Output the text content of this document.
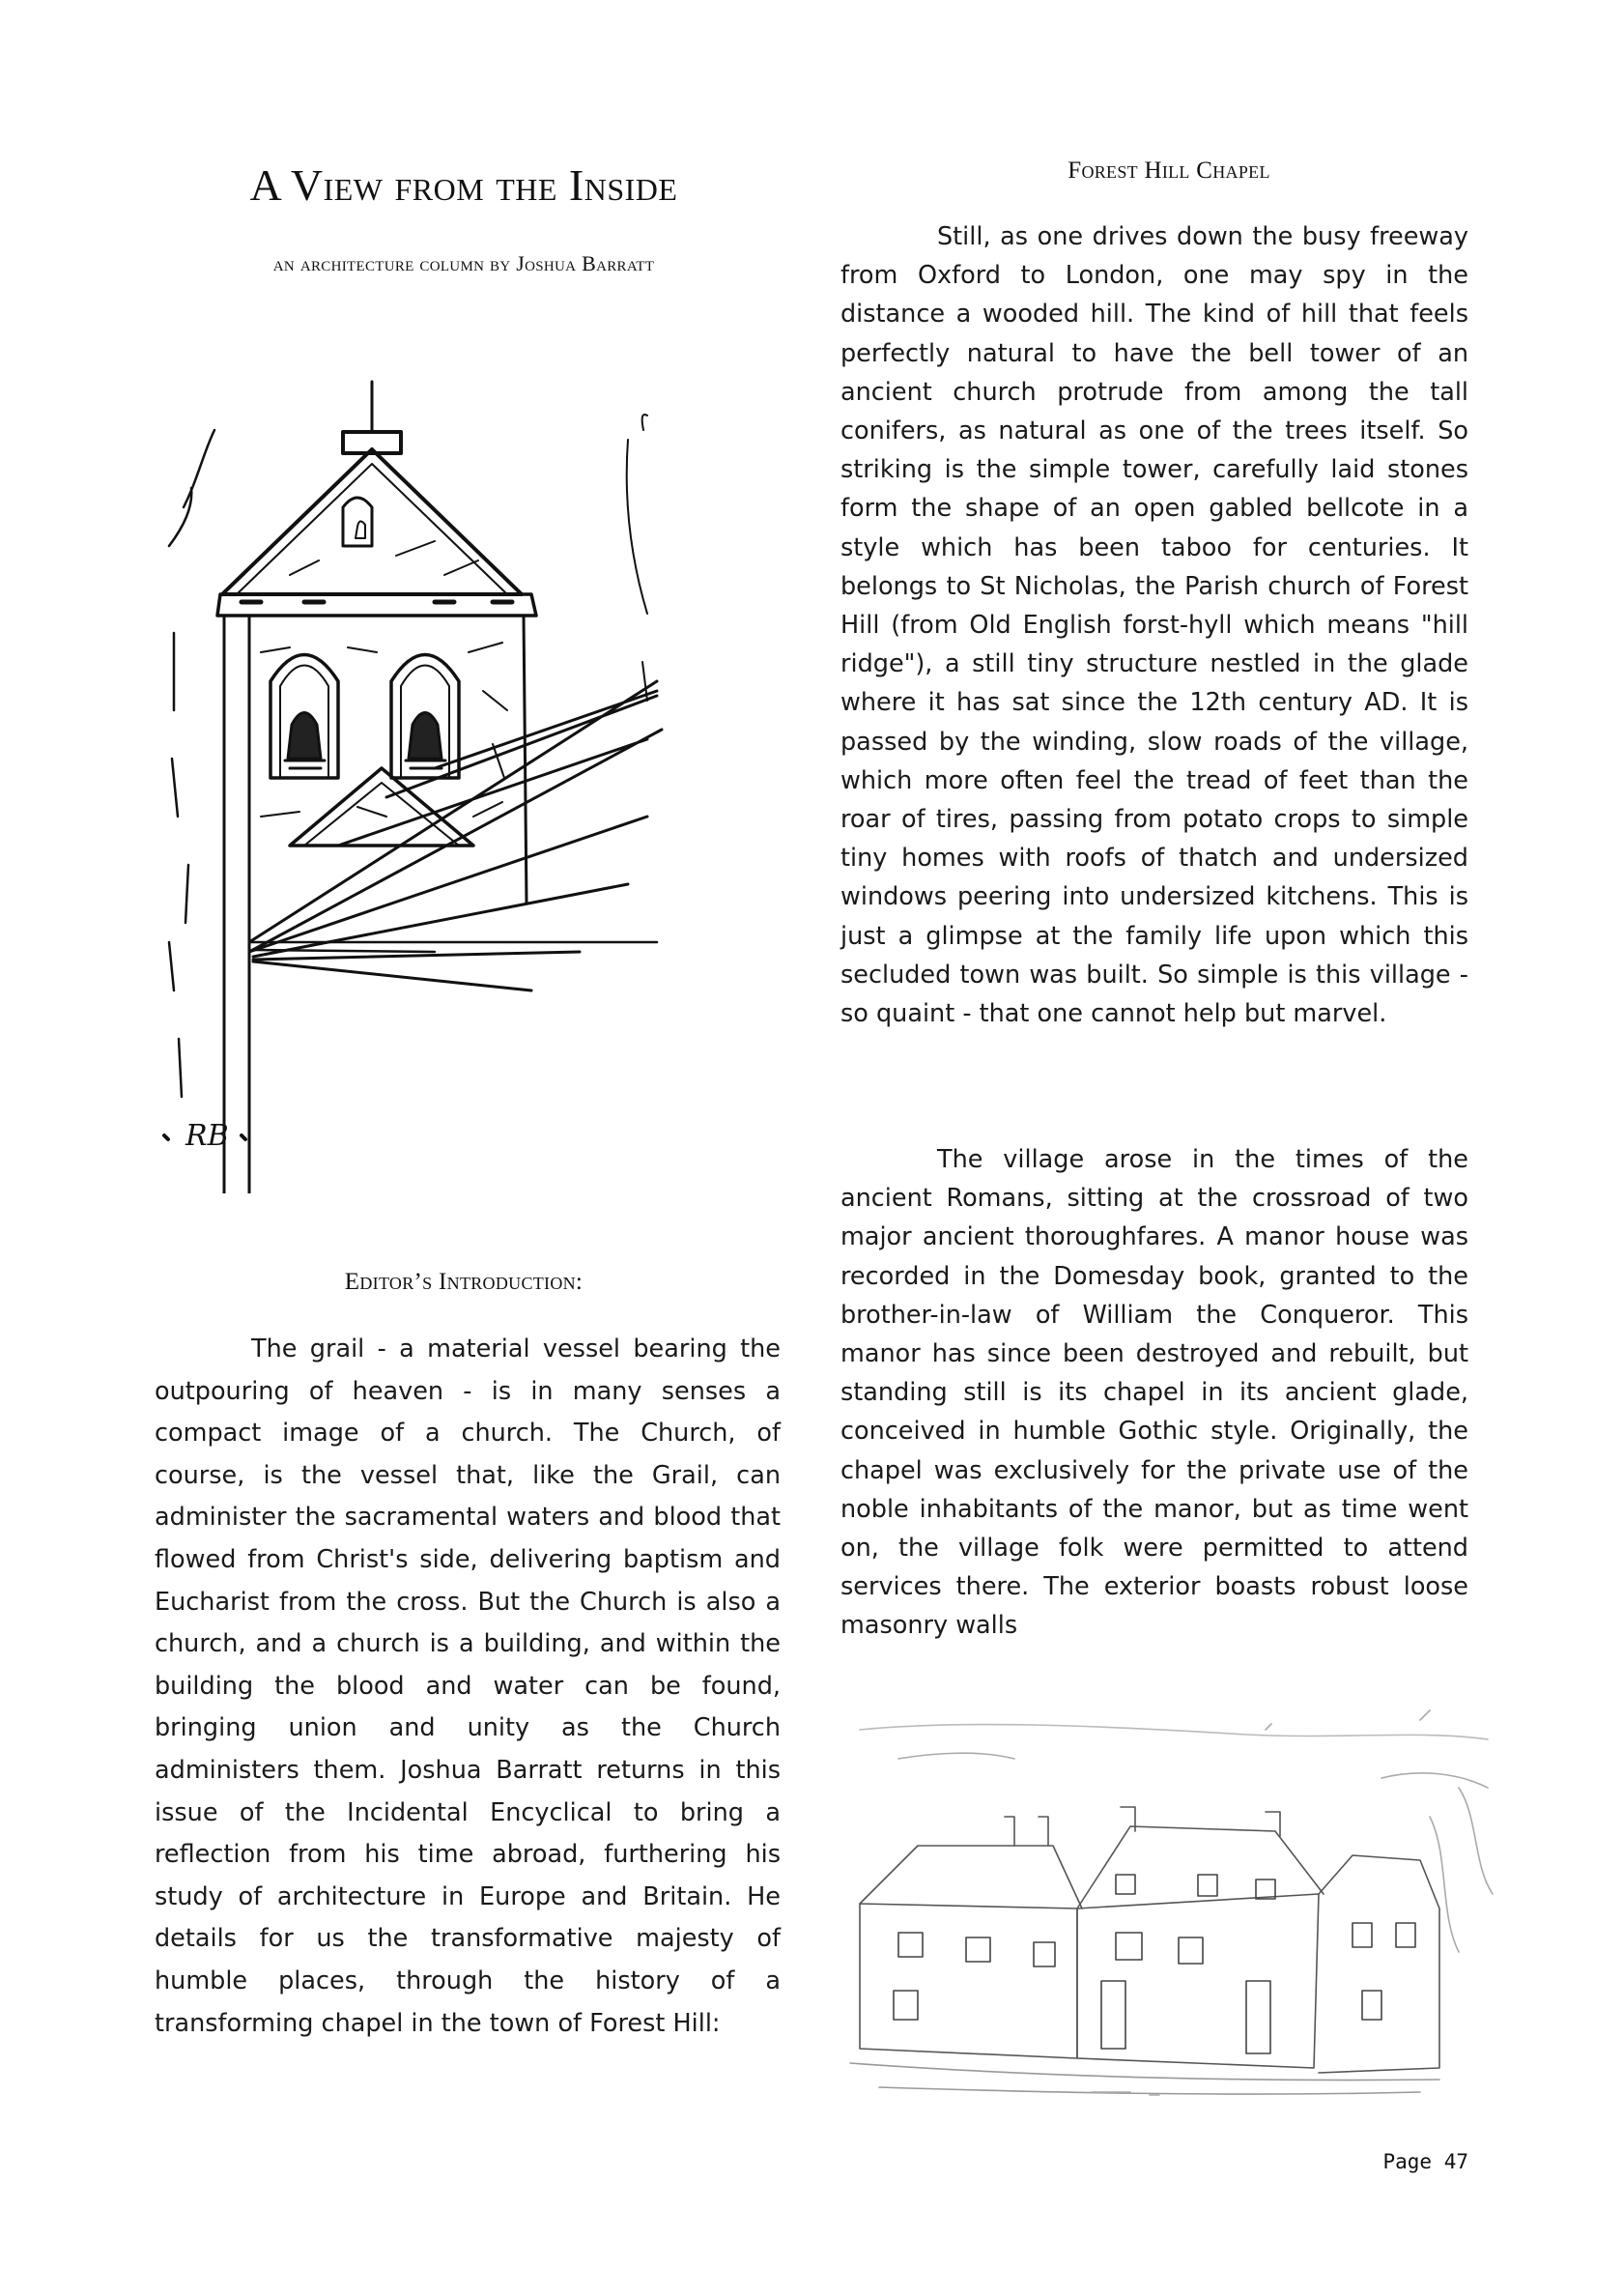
A View from the Inside
an architecture column by Joshua Barratt
RB
Editor’s Introduction:

The grail - a material vessel bearing the outpouring of heaven - is in many senses a compact image of a church. The Church, of course, is the vessel that, like the Grail, can administer the sacramental waters and blood that flowed from Christ's side, delivering baptism and Eucharist from the cross. But the Church is also a church, and a church is a building, and within the building the blood and water can be found, bringing union and unity as the Church administers them. Joshua Barratt returns in this issue of the Incidental Encyclical to bring a reflection from his time abroad, furthering his study of architecture in Europe and Britain. He details for us the transformative majesty of humble places, through the history of a transforming chapel in the town of Forest Hill:

Forest Hill Chapel

Still, as one drives down the busy freeway from Oxford to London, one may spy in the distance a wooded hill. The kind of hill that feels perfectly natural to have the bell tower of an ancient church protrude from among the tall conifers, as natural as one of the trees itself. So striking is the simple tower, carefully laid stones form the shape of an open gabled bellcote in a style which has been taboo for centuries. It belongs to St Nicholas, the Parish church of Forest Hill (from Old English forst-hyll which means "hill ridge"), a still tiny structure nestled in the glade where it has sat since the 12th century AD. It is passed by the winding, slow roads of the village, which more often feel the tread of feet than the roar of tires, passing from potato crops to simple tiny homes with roofs of thatch and undersized windows peering into undersized kitchens. This is just a glimpse at the family life upon which this secluded town was built. So simple is this village - so quaint - that one cannot help but marvel.

The village arose in the times of the ancient Romans, sitting at the crossroad of two major ancient thoroughfares. A manor house was recorded in the Domesday book, granted to the brother-in-law of William the Conqueror. This manor has since been destroyed and rebuilt, but standing still is its chapel in its ancient glade, conceived in humble Gothic style. Originally, the chapel was exclusively for the private use of the noble inhabitants of the manor, but as time went on, the village folk were permitted to attend services there. The exterior boasts robust loose masonry walls

Page 47
